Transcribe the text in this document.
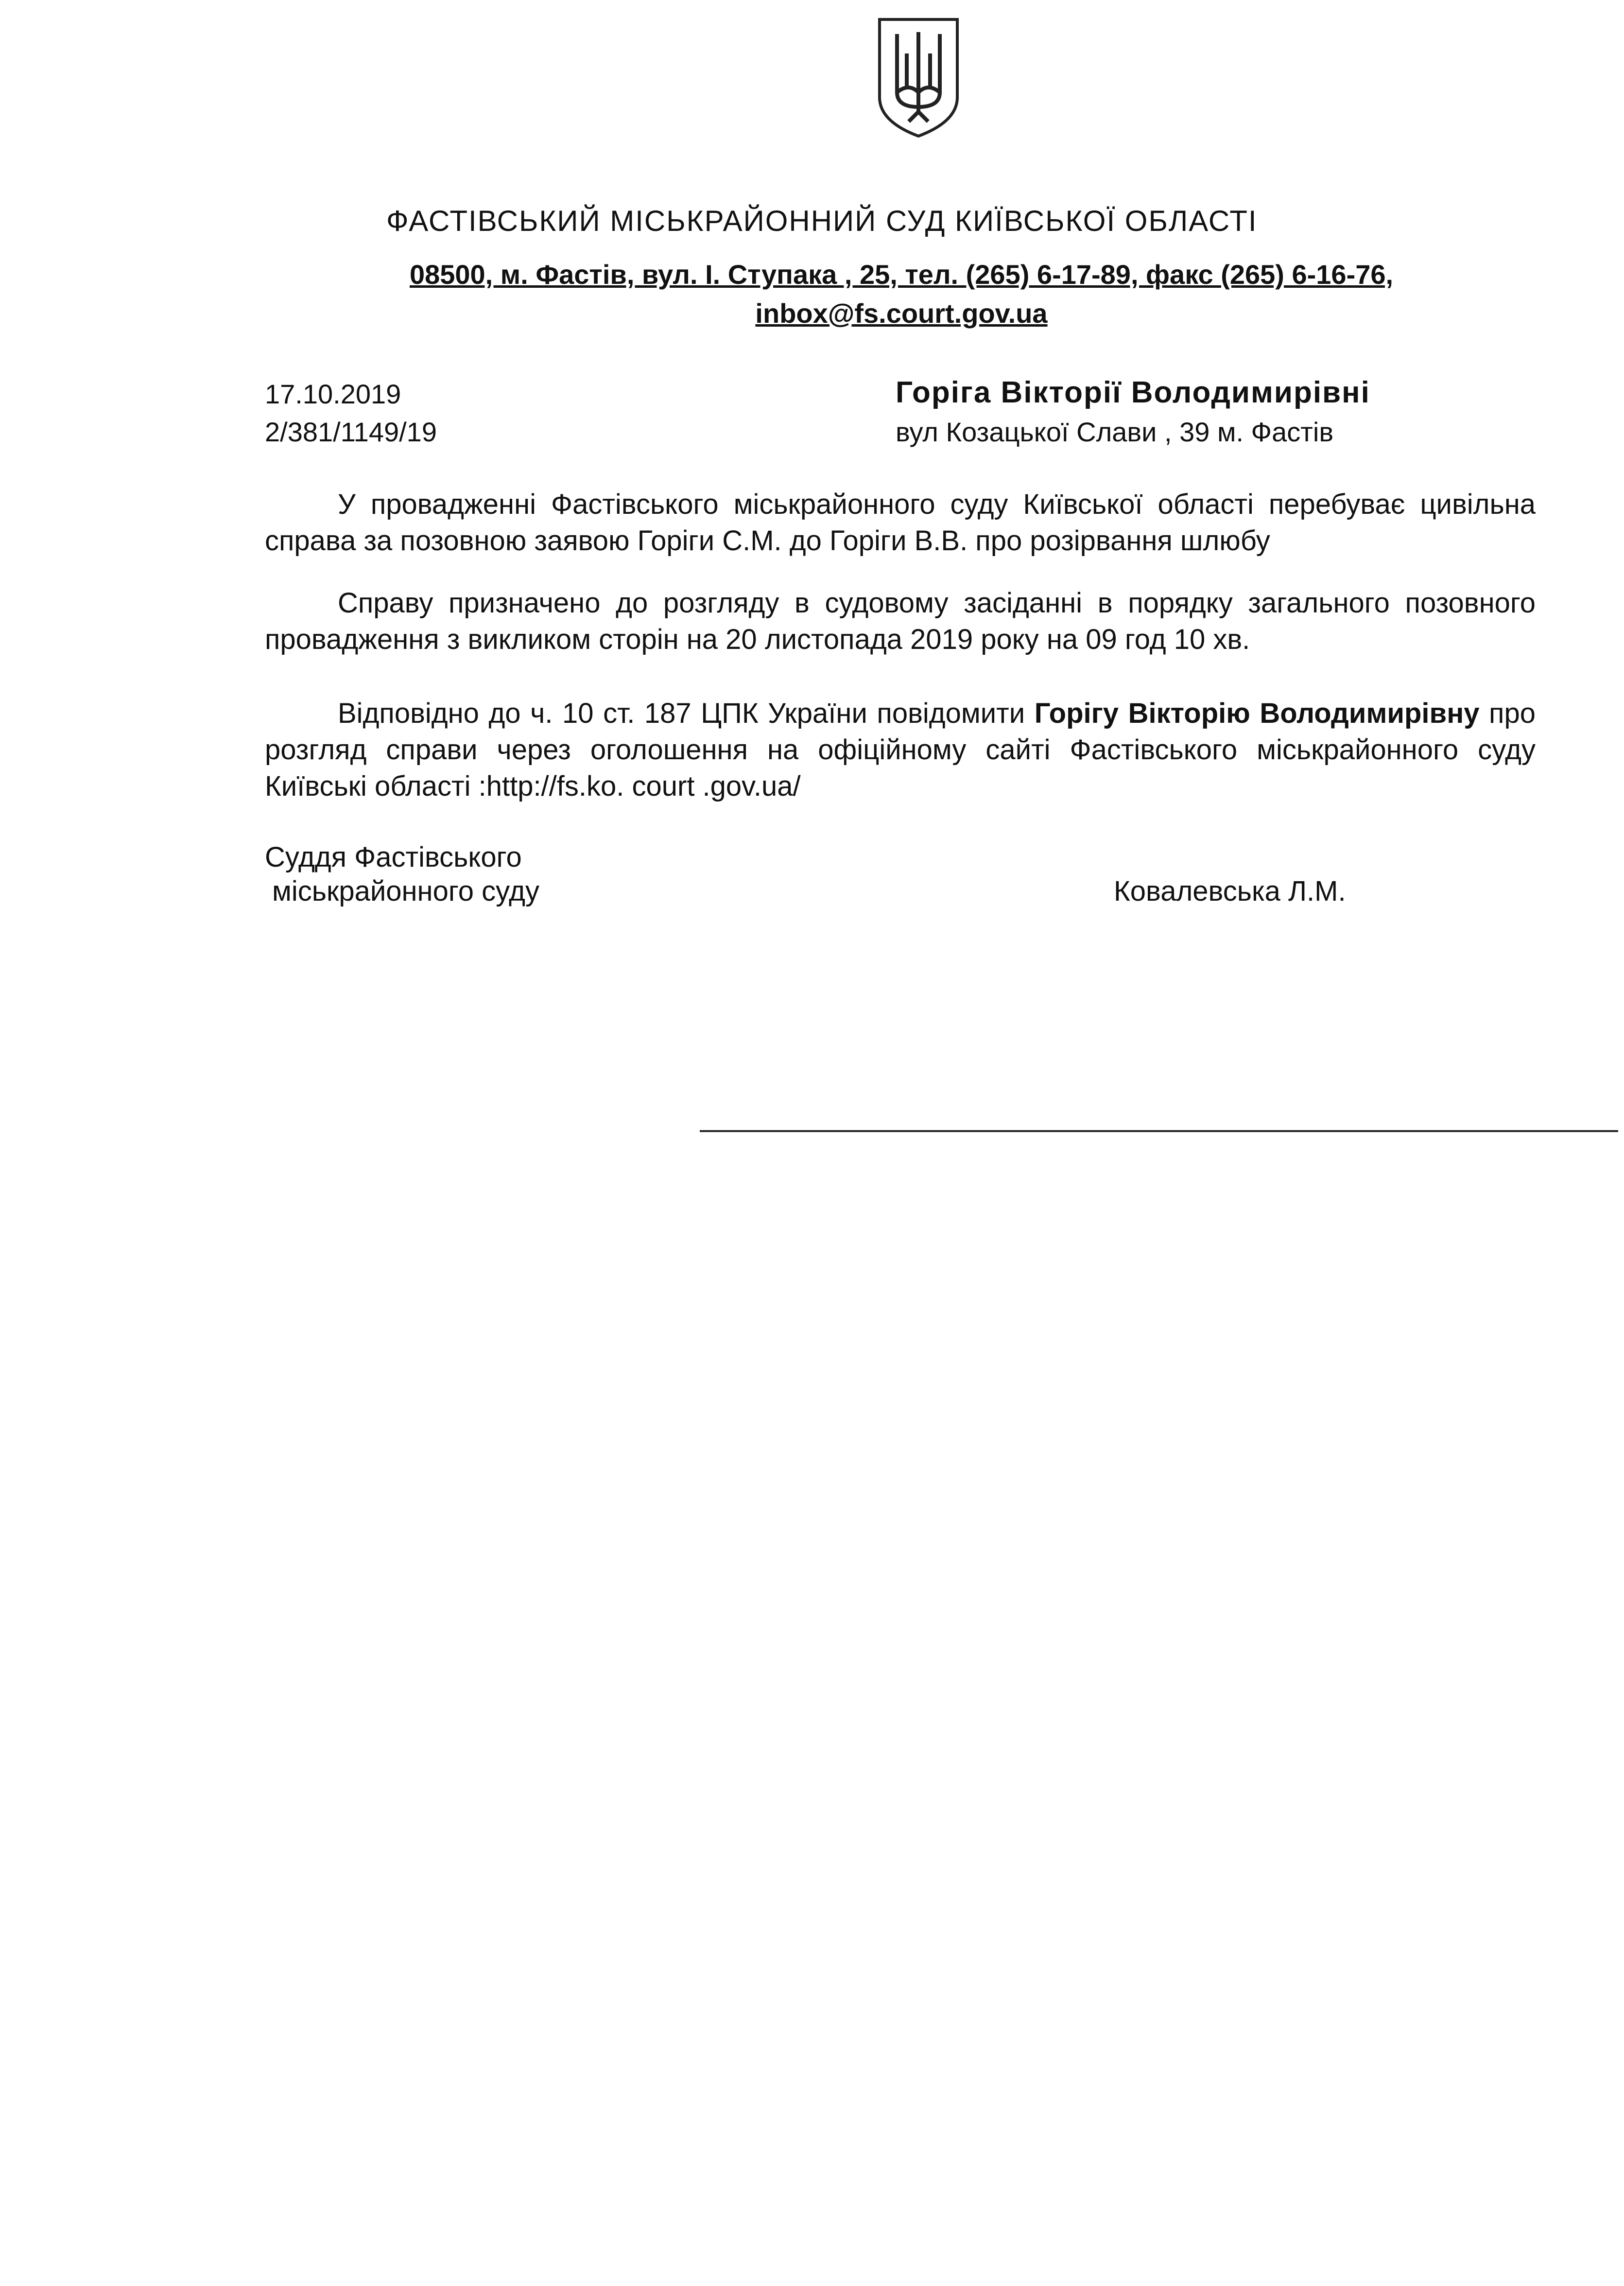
ФАСТІВСЬКИЙ МІСЬКРАЙОННИЙ СУД КИЇВСЬКОЇ ОБЛАСТІ
08500, м. Фастів, вул. І. Ступака , 25, тел. (265) 6-17-89, факс (265) 6-16-76,
inbox@fs.court.gov.ua
17.10.2019
2/381/1149/19
Горіга Вікторії Володимирівні
вул Козацької Слави , 39 м. Фастів
У провадженні Фастівського міськрайонного суду Київської області перебуває цивільна справа за позовною заявою Горіги С.М. до Горіги В.В. про розірвання шлюбу
Справу призначено до розгляду в судовому засіданні в порядку загального позовного провадження з викликом сторін на 20 листопада 2019 року на 09 год 10 хв.
Відповідно до ч. 10 ст. 187 ЦПК України повідомити Горігу Вікторію Володимирівну про розгляд справи через оголошення на офіційному сайті Фастівського міськрайонного суду Київські області :http://fs.ko. court .gov.ua/
Суддя Фастівського
міськрайонного суду	Ковалевська Л.М.
